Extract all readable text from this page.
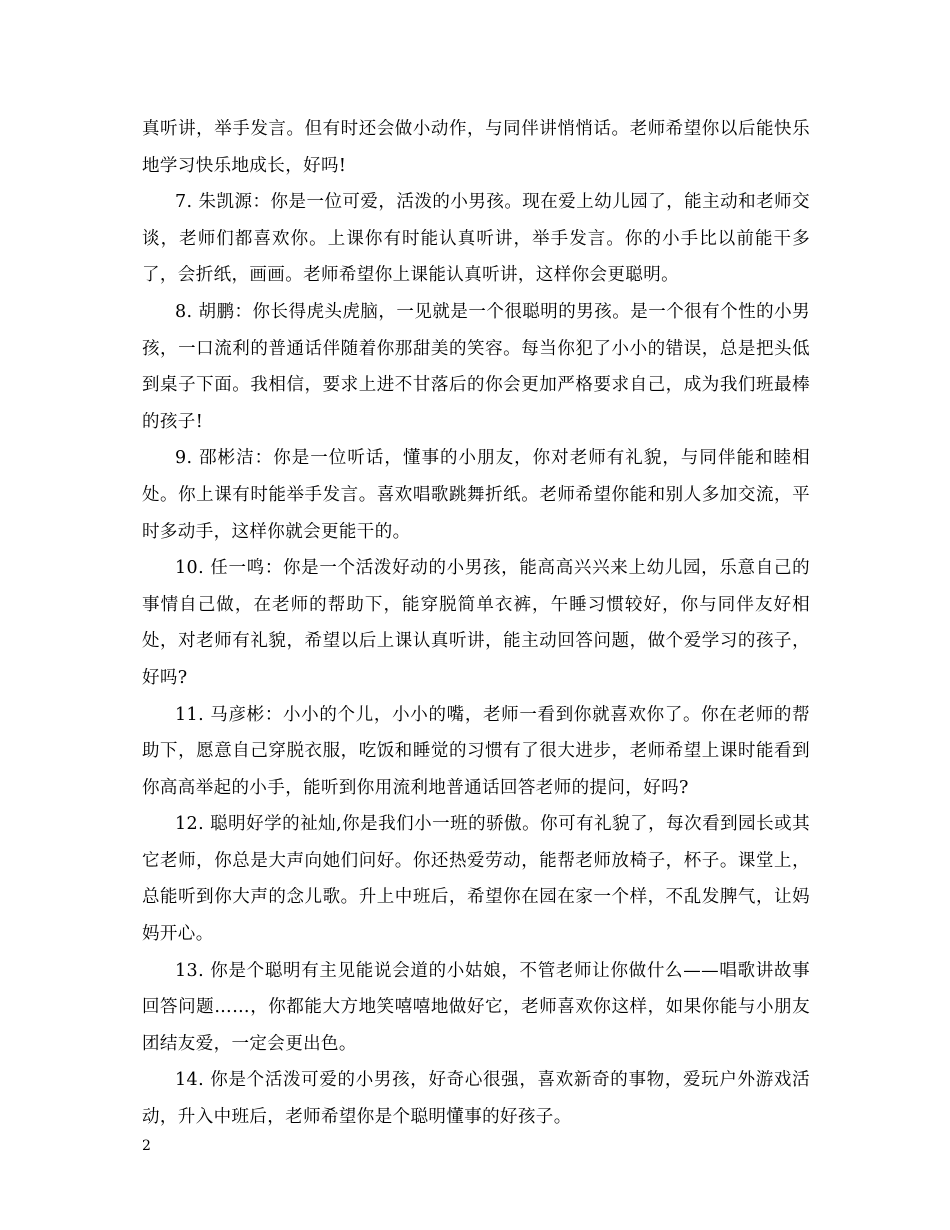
真听讲，举手发言。但有时还会做小动作，与同伴讲悄悄话。老师希望你以后能快乐地学习快乐地成长，好吗!

7. 朱凯源：你是一位可爱，活泼的小男孩。现在爱上幼儿园了，能主动和老师交谈，老师们都喜欢你。上课你有时能认真听讲，举手发言。你的小手比以前能干多了，会折纸，画画。老师希望你上课能认真听讲，这样你会更聪明。

8. 胡鹏：你长得虎头虎脑，一见就是一个很聪明的男孩。是一个很有个性的小男孩，一口流利的普通话伴随着你那甜美的笑容。每当你犯了小小的错误，总是把头低到桌子下面。我相信，要求上进不甘落后的你会更加严格要求自己，成为我们班最棒的孩子!

9. 邵彬洁：你是一位听话，懂事的小朋友，你对老师有礼貌，与同伴能和睦相处。你上课有时能举手发言。喜欢唱歌跳舞折纸。老师希望你能和别人多加交流，平时多动手，这样你就会更能干的。

10. 任一鸣：你是一个活泼好动的小男孩，能高高兴兴来上幼儿园，乐意自己的事情自己做，在老师的帮助下，能穿脱简单衣裤，午睡习惯较好，你与同伴友好相处，对老师有礼貌，希望以后上课认真听讲，能主动回答问题，做个爱学习的孩子，好吗?

11. 马彦彬：小小的个儿，小小的嘴，老师一看到你就喜欢你了。你在老师的帮助下，愿意自己穿脱衣服，吃饭和睡觉的习惯有了很大进步，老师希望上课时能看到你高高举起的小手，能听到你用流利地普通话回答老师的提问，好吗?

12. 聪明好学的祉灿,你是我们小一班的骄傲。你可有礼貌了，每次看到园长或其它老师，你总是大声向她们问好。你还热爱劳动，能帮老师放椅子，杯子。课堂上，总能听到你大声的念儿歌。升上中班后，希望你在园在家一个样，不乱发脾气，让妈妈开心。

13. 你是个聪明有主见能说会道的小姑娘，不管老师让你做什么——唱歌讲故事回答问题……，你都能大方地笑嘻嘻地做好它，老师喜欢你这样，如果你能与小朋友团结友爱，一定会更出色。

14. 你是个活泼可爱的小男孩，好奇心很强，喜欢新奇的事物，爱玩户外游戏活动，升入中班后，老师希望你是个聪明懂事的好孩子。

2
